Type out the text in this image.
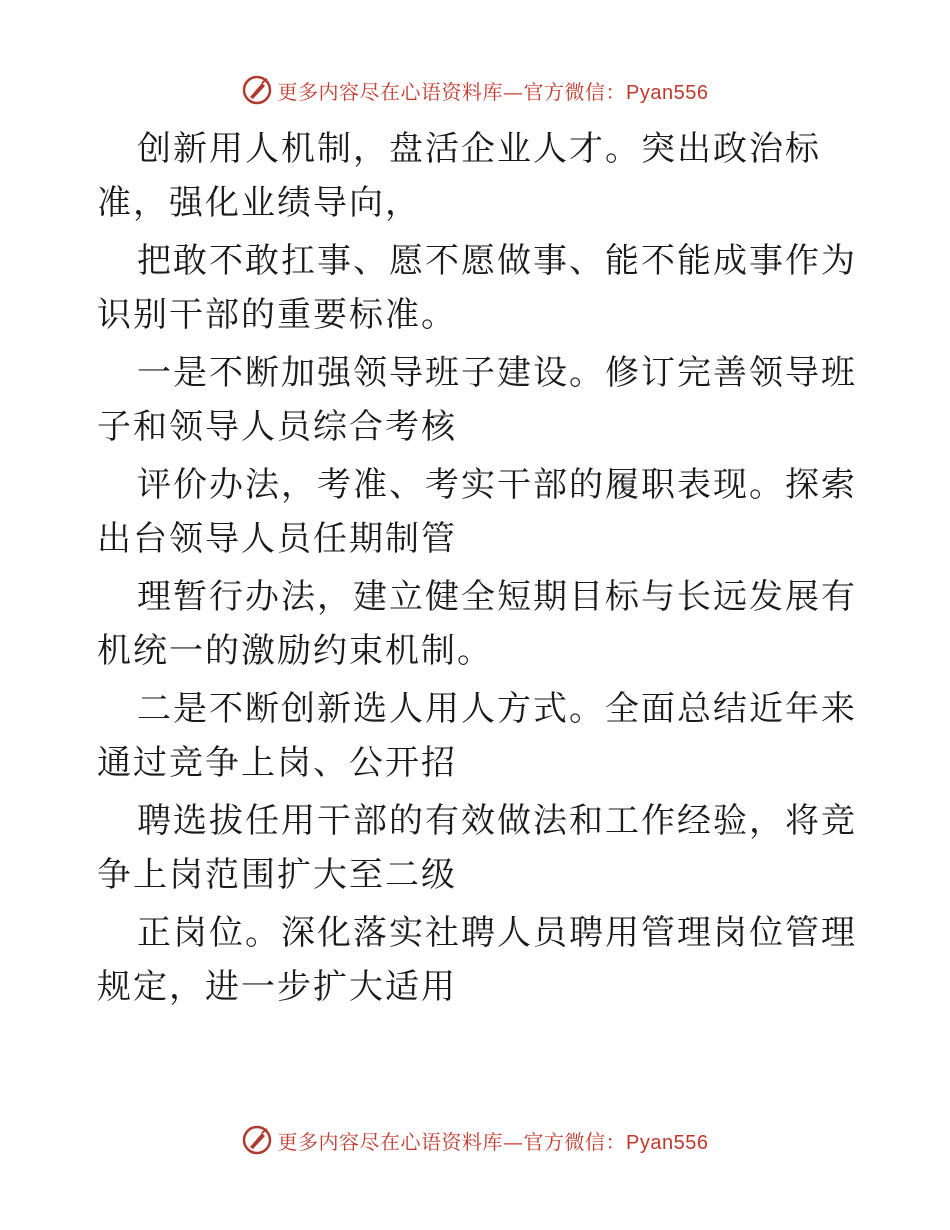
更多内容尽在心语资料库—官方微信：Pyan556

创新用人机制，盘活企业人才。突出政治标准，强化业绩导向，

把敢不敢扛事、愿不愿做事、能不能成事作为识别干部的重要标准。

一是不断加强领导班子建设。修订完善领导班子和领导人员综合考核

评价办法，考准、考实干部的履职表现。探索出台领导人员任期制管

理暂行办法，建立健全短期目标与长远发展有机统一的激励约束机制。

二是不断创新选人用人方式。全面总结近年来通过竞争上岗、公开招

聘选拔任用干部的有效做法和工作经验，将竞争上岗范围扩大至二级

正岗位。深化落实社聘人员聘用管理岗位管理规定，进一步扩大适用

更多内容尽在心语资料库—官方微信：Pyan556
